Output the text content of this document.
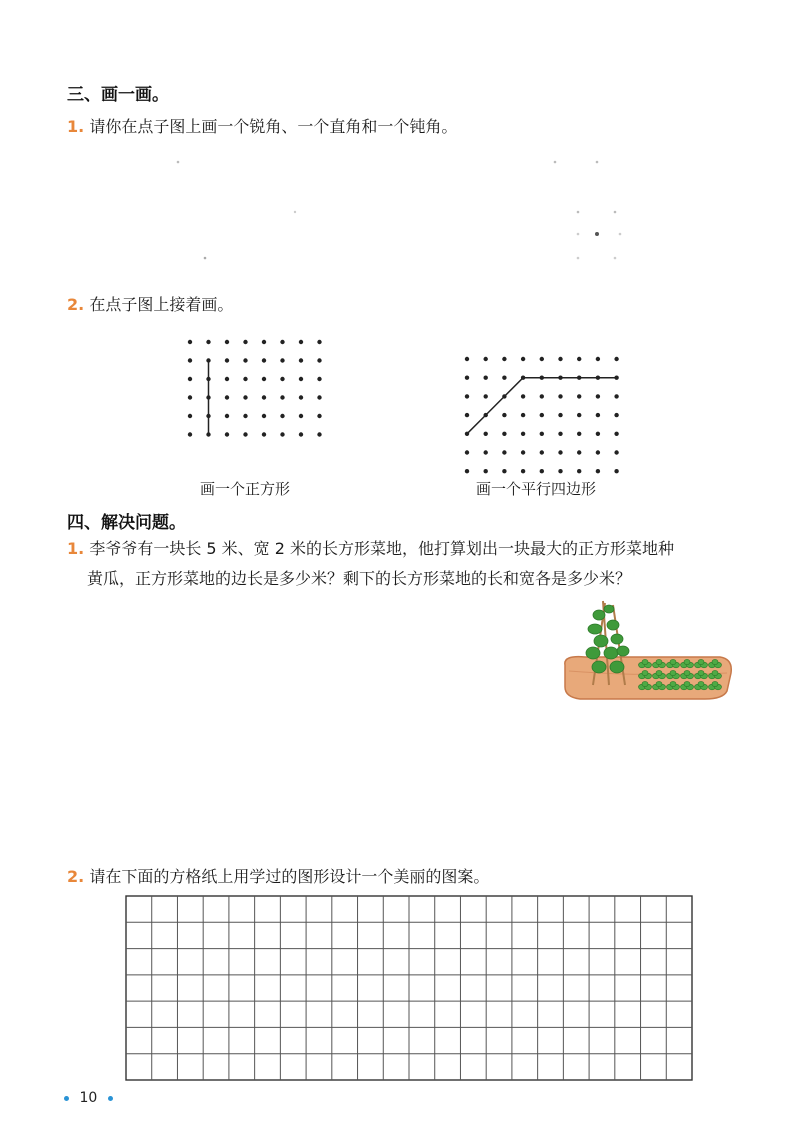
三、画一画。
1. 请你在点子图上画一个锐角、一个直角和一个钝角。
2. 在点子图上接着画。
画一个正方形	画一个平行四边形
四、解决问题。
1. 李爷爷有一块长 5 米、宽 2 米的长方形菜地，他打算划出一块最大的正方形菜地种
黄瓜，正方形菜地的边长是多少米？剩下的长方形菜地的长和宽各是多少米？
2. 请在下面的方格纸上用学过的图形设计一个美丽的图案。
10
